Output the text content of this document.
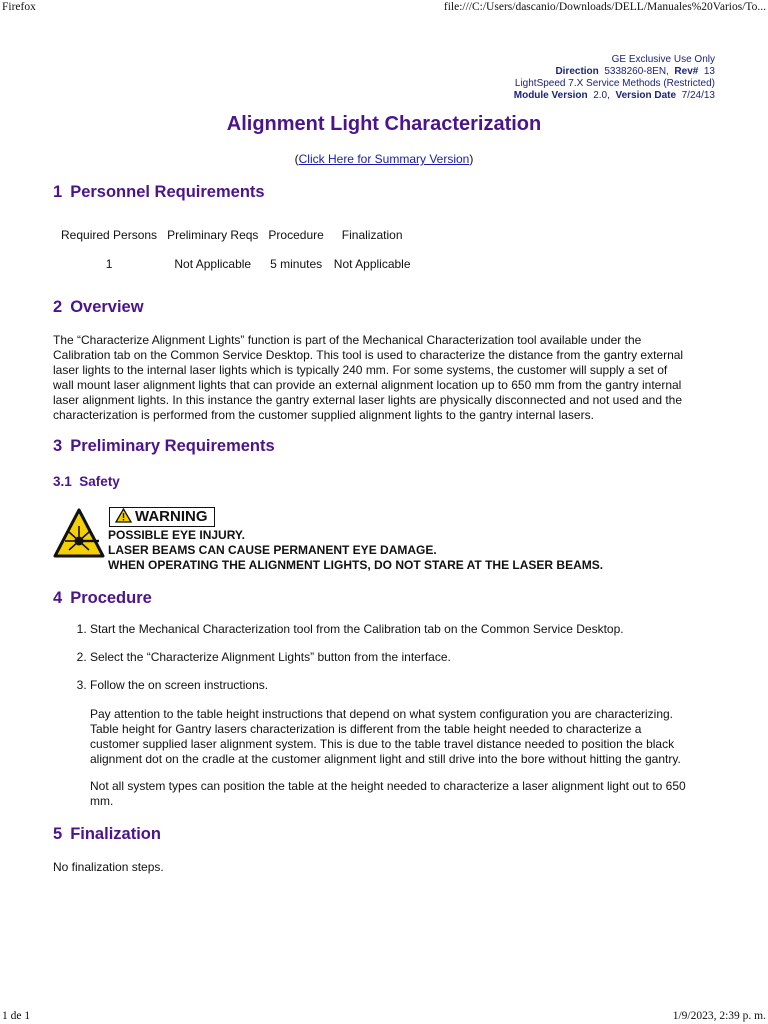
Firefox	file:///C:/Users/dascanio/Downloads/DELL/Manuales%20Varios/To...
GE Exclusive Use Only
Direction 5338260-8EN, Rev# 13
LightSpeed 7.X Service Methods (Restricted)
Module Version 2.0, Version Date 7/24/13
Alignment Light Characterization
(Click Here for Summary Version)
1 Personnel Requirements
Required Persons	Preliminary Reqs	Procedure	Finalization
1	Not Applicable	5 minutes	Not Applicable
2 Overview
The “Characterize Alignment Lights” function is part of the Mechanical Characterization tool available under the
Calibration tab on the Common Service Desktop. This tool is used to characterize the distance from the gantry external
laser lights to the internal laser lights which is typically 240 mm. For some systems, the customer will supply a set of
wall mount laser alignment lights that can provide an external alignment location up to 650 mm from the gantry internal
laser alignment lights. In this instance the gantry external laser lights are physically disconnected and not used and the
characterization is performed from the customer supplied alignment lights to the gantry internal lasers.
3 Preliminary Requirements
3.1 Safety
WARNING
POSSIBLE EYE INJURY.
LASER BEAMS CAN CAUSE PERMANENT EYE DAMAGE.
WHEN OPERATING THE ALIGNMENT LIGHTS, DO NOT STARE AT THE LASER BEAMS.
4 Procedure
1. Start the Mechanical Characterization tool from the Calibration tab on the Common Service Desktop.
2. Select the “Characterize Alignment Lights” button from the interface.
3. Follow the on screen instructions.
Pay attention to the table height instructions that depend on what system configuration you are characterizing.
Table height for Gantry lasers characterization is different from the table height needed to characterize a
customer supplied laser alignment system. This is due to the table travel distance needed to position the black
alignment dot on the cradle at the customer alignment light and still drive into the bore without hitting the gantry.
Not all system types can position the table at the height needed to characterize a laser alignment light out to 650
mm.
5 Finalization
No finalization steps.
1 de 1	1/9/2023, 2:39 p. m.
